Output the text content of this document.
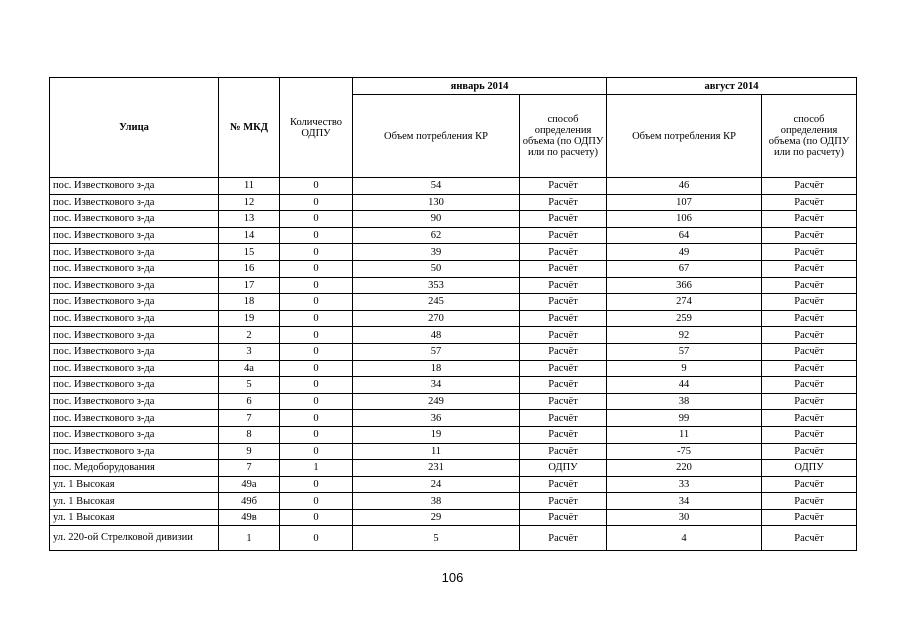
Улица	№ МКД	Количество ОДПУ	январь 2014		август 2014	
			Объем потребления КР	способ определения объема (по ОДПУ или по расчету)	Объем потребления КР	способ определения объема (по ОДПУ или по расчету)
пос. Известкового з-да	11	0	54	Расчёт	46	Расчёт
пос. Известкового з-да	12	0	130	Расчёт	107	Расчёт
пос. Известкового з-да	13	0	90	Расчёт	106	Расчёт
пос. Известкового з-да	14	0	62	Расчёт	64	Расчёт
пос. Известкового з-да	15	0	39	Расчёт	49	Расчёт
пос. Известкового з-да	16	0	50	Расчёт	67	Расчёт
пос. Известкового з-да	17	0	353	Расчёт	366	Расчёт
пос. Известкового з-да	18	0	245	Расчёт	274	Расчёт
пос. Известкового з-да	19	0	270	Расчёт	259	Расчёт
пос. Известкового з-да	2	0	48	Расчёт	92	Расчёт
пос. Известкового з-да	3	0	57	Расчёт	57	Расчёт
пос. Известкового з-да	4а	0	18	Расчёт	9	Расчёт
пос. Известкового з-да	5	0	34	Расчёт	44	Расчёт
пос. Известкового з-да	6	0	249	Расчёт	38	Расчёт
пос. Известкового з-да	7	0	36	Расчёт	99	Расчёт
пос. Известкового з-да	8	0	19	Расчёт	11	Расчёт
пос. Известкового з-да	9	0	11	Расчёт	-75	Расчёт
пос. Медоборудования	7	1	231	ОДПУ	220	ОДПУ
ул. 1 Высокая	49а	0	24	Расчёт	33	Расчёт
ул. 1 Высокая	49б	0	38	Расчёт	34	Расчёт
ул. 1 Высокая	49в	0	29	Расчёт	30	Расчёт
ул. 220-ой Стрелковой дивизии	1	0	5	Расчёт	4	Расчёт
106
